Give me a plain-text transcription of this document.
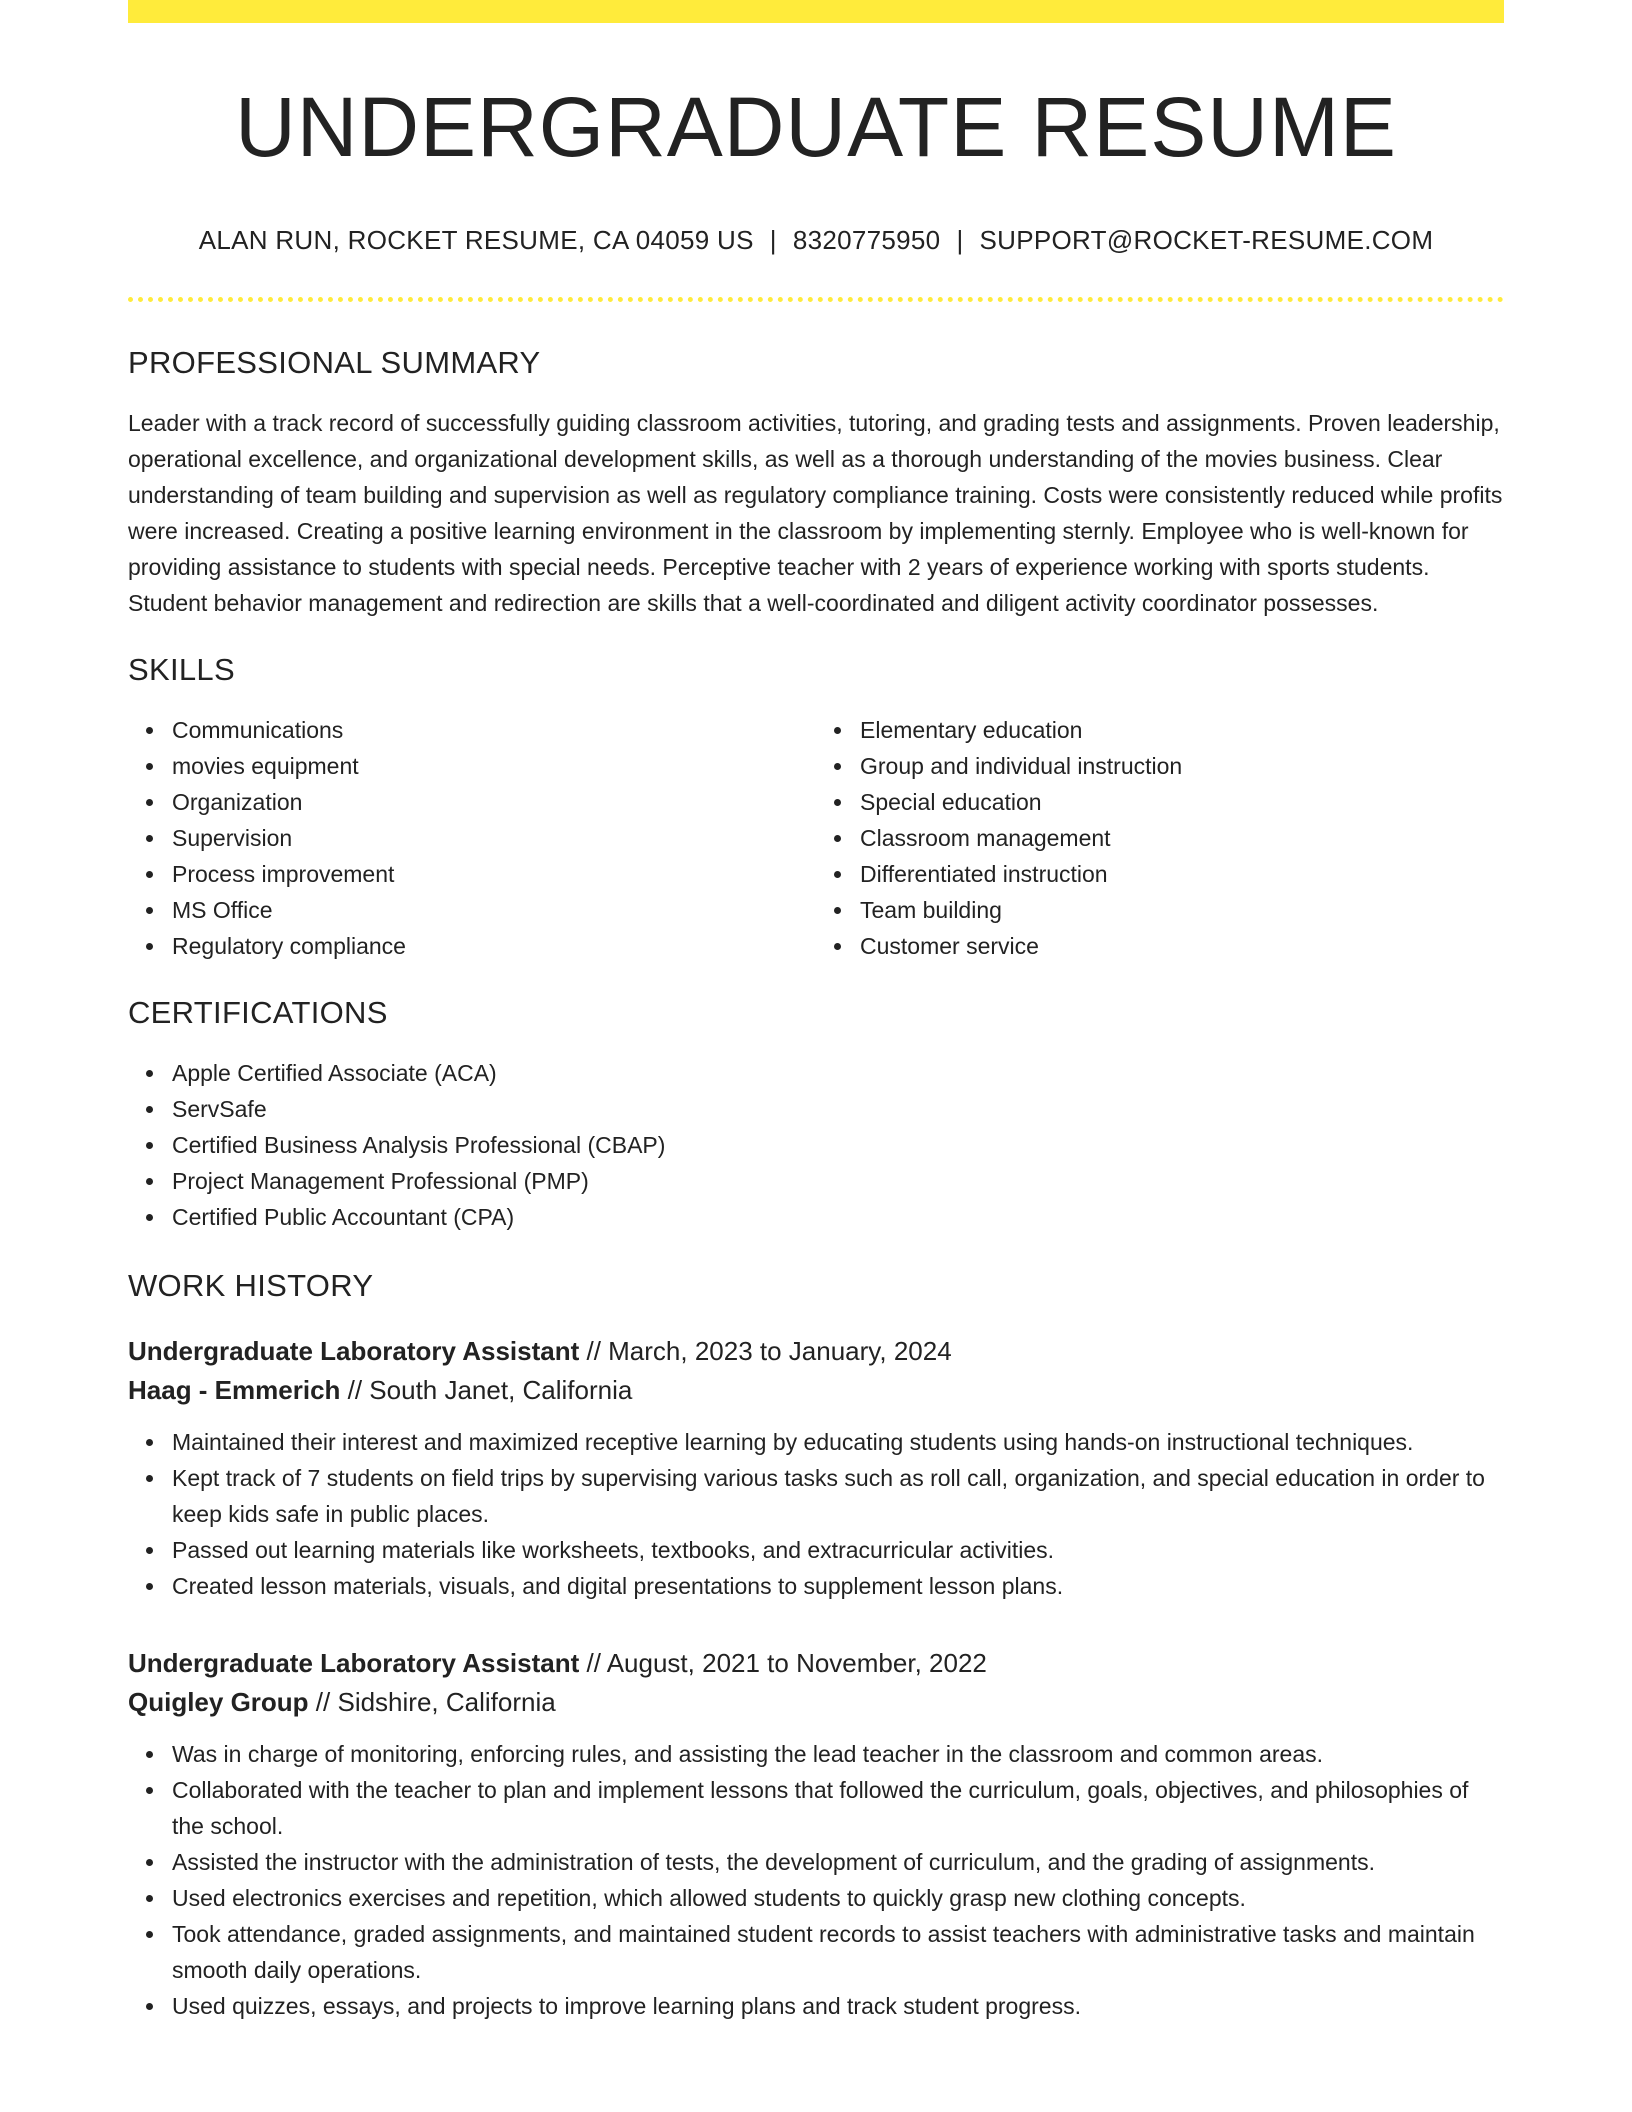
UNDERGRADUATE RESUME
ALAN RUN, ROCKET RESUME, CA 04059 US | 8320775950 | SUPPORT@ROCKET-RESUME.COM
PROFESSIONAL SUMMARY

Leader with a track record of successfully guiding classroom activities, tutoring, and grading tests and assignments. Proven leadership, operational excellence, and organizational development skills, as well as a thorough understanding of the movies business. Clear understanding of team building and supervision as well as regulatory compliance training. Costs were consistently reduced while profits were increased. Creating a positive learning environment in the classroom by implementing sternly. Employee who is well-known for providing assistance to students with special needs. Perceptive teacher with 2 years of experience working with sports students. Student behavior management and redirection are skills that a well-coordinated and diligent activity coordinator possesses.

SKILLS
Communications
movies equipment
Organization
Supervision
Process improvement
MS Office
Regulatory compliance
Elementary education
Group and individual instruction
Special education
Classroom management
Differentiated instruction
Team building
Customer service
CERTIFICATIONS
Apple Certified Associate (ACA)
ServSafe
Certified Business Analysis Professional (CBAP)
Project Management Professional (PMP)
Certified Public Accountant (CPA)
WORK HISTORY
Undergraduate Laboratory Assistant // March, 2023 to January, 2024
Haag - Emmerich // South Janet, California
Maintained their interest and maximized receptive learning by educating students using hands-on instructional techniques.
Kept track of 7 students on field trips by supervising various tasks such as roll call, organization, and special education in order to keep kids safe in public places.
Passed out learning materials like worksheets, textbooks, and extracurricular activities.
Created lesson materials, visuals, and digital presentations to supplement lesson plans.
Undergraduate Laboratory Assistant // August, 2021 to November, 2022
Quigley Group // Sidshire, California
Was in charge of monitoring, enforcing rules, and assisting the lead teacher in the classroom and common areas.
Collaborated with the teacher to plan and implement lessons that followed the curriculum, goals, objectives, and philosophies of the school.
Assisted the instructor with the administration of tests, the development of curriculum, and the grading of assignments.
Used electronics exercises and repetition, which allowed students to quickly grasp new clothing concepts.
Took attendance, graded assignments, and maintained student records to assist teachers with administrative tasks and maintain smooth daily operations.
Used quizzes, essays, and projects to improve learning plans and track student progress.
